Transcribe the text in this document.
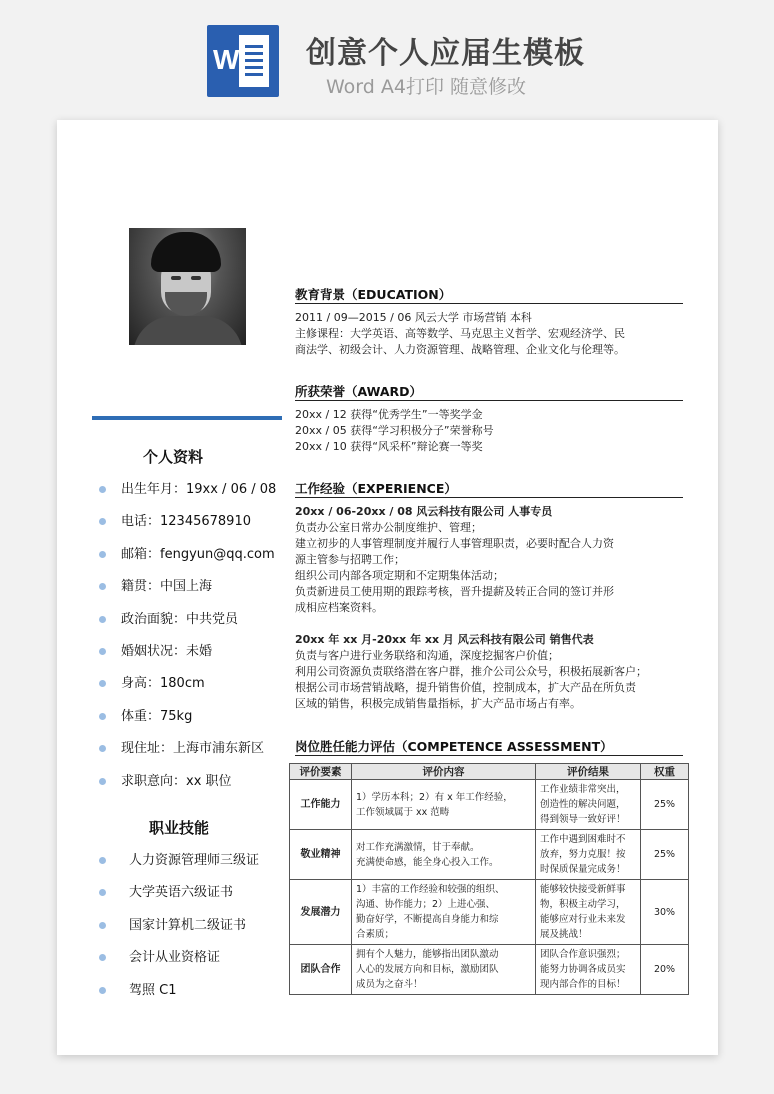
W 创意个人应届生模板
Word A4打印 随意修改
个人资料
出生年月：19xx / 06 / 08
电话：12345678910
邮箱：fengyun@qq.com
籍贯：中国上海
政治面貌：中共党员
婚姻状况：未婚
身高：180cm
体重：75kg
现住址：上海市浦东新区
求职意向：xx 职位
职业技能
人力资源管理师三级证
大学英语六级证书
国家计算机二级证书
会计从业资格证
驾照 C1
教育背景（EDUCATION）
2011 / 09—2015 / 06 风云大学 市场营销 本科
主修课程：大学英语、高等数学、马克思主义哲学、宏观经济学、民
商法学、初级会计、人力资源管理、战略管理、企业文化与伦理等。
所获荣誉（AWARD）
20xx / 12 获得“优秀学生”一等奖学金
20xx / 05 获得“学习积极分子”荣誉称号
20xx / 10 获得“风采杯”辩论赛一等奖
工作经验（EXPERIENCE）
20xx / 06-20xx / 08 风云科技有限公司 人事专员
负责办公室日常办公制度维护、管理；
建立初步的人事管理制度并履行人事管理职责，必要时配合人力资
源主管参与招聘工作；
组织公司内部各项定期和不定期集体活动；
负责新进员工使用期的跟踪考核，晋升提薪及转正合同的签订并形
成相应档案资料。
20xx 年 xx 月-20xx 年 xx 月 风云科技有限公司 销售代表
负责与客户进行业务联络和沟通，深度挖掘客户价值；
利用公司资源负责联络潜在客户群，推介公司公众号，积极拓展新客户；
根据公司市场营销战略，提升销售价值，控制成本，扩大产品在所负责
区域的销售，积极完成销售量指标，扩大产品市场占有率。
岗位胜任能力评估（COMPETENCE ASSESSMENT）
评价要素	评价内容	评价结果	权重
工作能力	1）学历本科；2）有 x 年工作经验，
工作领域属于 xx 范畴	工作业绩非常突出，
创造性的解决问题，
得到领导一致好评！	25%
敬业精神	对工作充满激情，甘于奉献。
充满使命感，能全身心投入工作。	工作中遇到困难时不
放弃，努力克服！按
时保质保量完成务！	25%
发展潜力	1）丰富的工作经验和较强的组织、
沟通、协作能力；2）上进心强、
勤奋好学，不断提高自身能力和综
合素质；	能够较快接受新鲜事
物，积极主动学习，
能够应对行业未来发
展及挑战！	30%
团队合作	拥有个人魅力，能够指出团队激动
人心的发展方向和目标，激励团队
成员为之奋斗！	团队合作意识强烈；
能努力协调各成员实
现内部合作的目标！	20%
